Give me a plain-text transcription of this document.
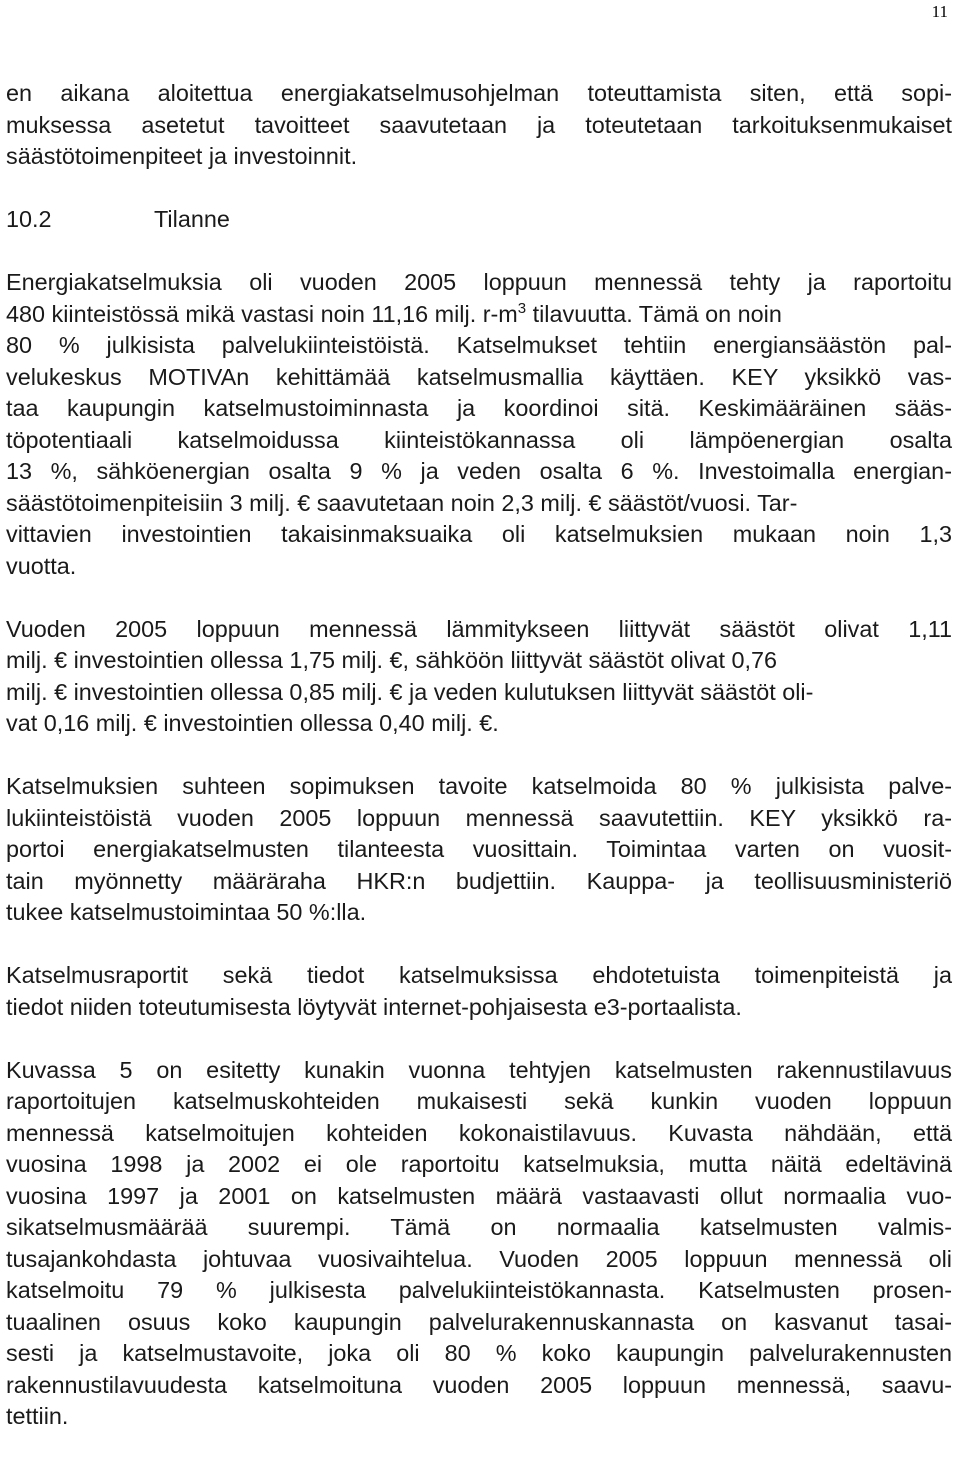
11

en aikana aloitettua energiakatselmusohjelman toteuttamista siten, että sopi-
muksessa asetetut tavoitteet saavutetaan ja toteutetaan tarkoituksenmukaiset
säästötoimenpiteet ja investoinnit.

10.2	Tilanne

Energiakatselmuksia oli vuoden 2005 loppuun mennessä tehty ja raportoitu
480 kiinteistössä mikä vastasi noin 11,16 milj. $r-m^3$ tilavuutta. Tämä on noin
80 % julkisista palvelukiinteistöistä. Katselmukset tehtiin energiansäästön pal-
velukeskus MOTIVAn kehittämää katselmusmallia käyttäen. KEY yksikkö vas-
taa kaupungin katselmustoiminnasta ja koordinoi sitä. Keskimääräinen sääs-
töpotentiaali katselmoidussa kiinteistökannassa oli lämpöenergian osalta
13 %, sähköenergian osalta 9 % ja veden osalta 6 %. Investoimalla energian-
säästötoimenpiteisiin 3 milj. € saavutetaan noin 2,3 milj. € säästöt/vuosi. Tar-
vittavien investointien takaisinmaksuaika oli katselmuksien mukaan noin 1,3
vuotta.

Vuoden 2005 loppuun mennessä lämmitykseen liittyvät säästöt olivat 1,11
milj. € investointien ollessa 1,75 milj. €, sähköön liittyvät säästöt olivat 0,76
milj. € investointien ollessa 0,85 milj. € ja veden kulutuksen liittyvät säästöt oli-
vat 0,16 milj. € investointien ollessa 0,40 milj. €.

Katselmuksien suhteen sopimuksen tavoite katselmoida 80 % julkisista palve-
lukiinteistöistä vuoden 2005 loppuun mennessä saavutettiin. KEY yksikkö ra-
portoi energiakatselmusten tilanteesta vuosittain. Toimintaa varten on vuosit-
tain myönnetty määräraha HKR:n budjettiin. Kauppa- ja teollisuusministeriö
tukee katselmustoimintaa 50 %:lla.

Katselmusraportit sekä tiedot katselmuksissa ehdotetuista toimenpiteistä ja
tiedot niiden toteutumisesta löytyvät internet-pohjaisesta e3-portaalista.

Kuvassa 5 on esitetty kunakin vuonna tehtyjen katselmusten rakennustilavuus
raportoitujen katselmuskohteiden mukaisesti sekä kunkin vuoden loppuun
mennessä katselmoitujen kohteiden kokonaistilavuus. Kuvasta nähdään, että
vuosina 1998 ja 2002 ei ole raportoitu katselmuksia, mutta näitä edeltävinä
vuosina 1997 ja 2001 on katselmusten määrä vastaavasti ollut normaalia vuo-
sikatselmusmäärää suurempi. Tämä on normaalia katselmusten valmis-
tusajankohdasta johtuvaa vuosivaihtelua. Vuoden 2005 loppuun mennessä oli
katselmoitu 79 % julkisesta palvelukiinteistökannasta. Katselmusten prosen-
tuaalinen osuus koko kaupungin palvelurakennuskannasta on kasvanut tasai-
sesti ja katselmustavoite, joka oli 80 % koko kaupungin palvelurakennusten
rakennustilavuudesta katselmoituna vuoden 2005 loppuun mennessä, saavu-
tettiin.
